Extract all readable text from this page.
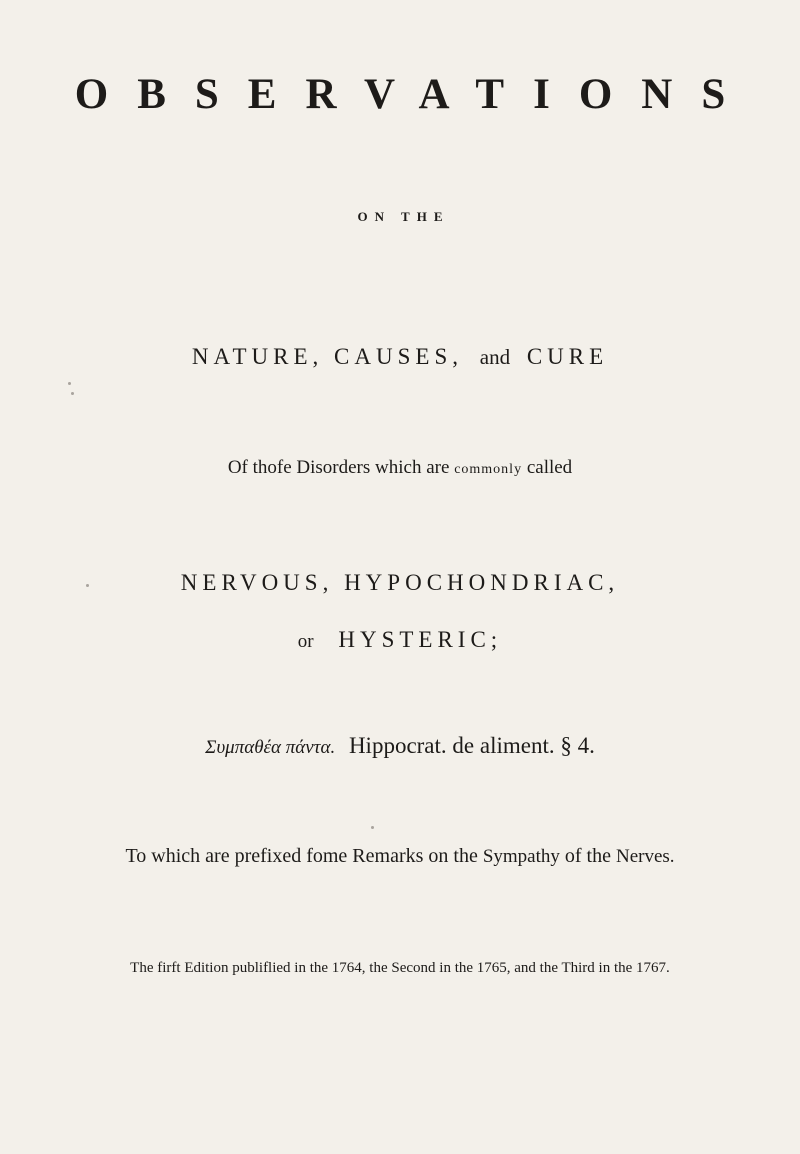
OBSERVATIONS
ON THE
NATURE, CAUSES, and CURE
Of thofe Disorders which are commonly called
NERVOUS, HYPOCHONDRIAC,
or HYSTERIC;
Συμπαθέα πάντα. Hippocrat. de aliment. § 4.
To which are prefixed fome Remarks on the Sympathy of the Nerves.
The firft Edition publiflied in the 1764, the Second in the 1765, and the Third in the 1767.
